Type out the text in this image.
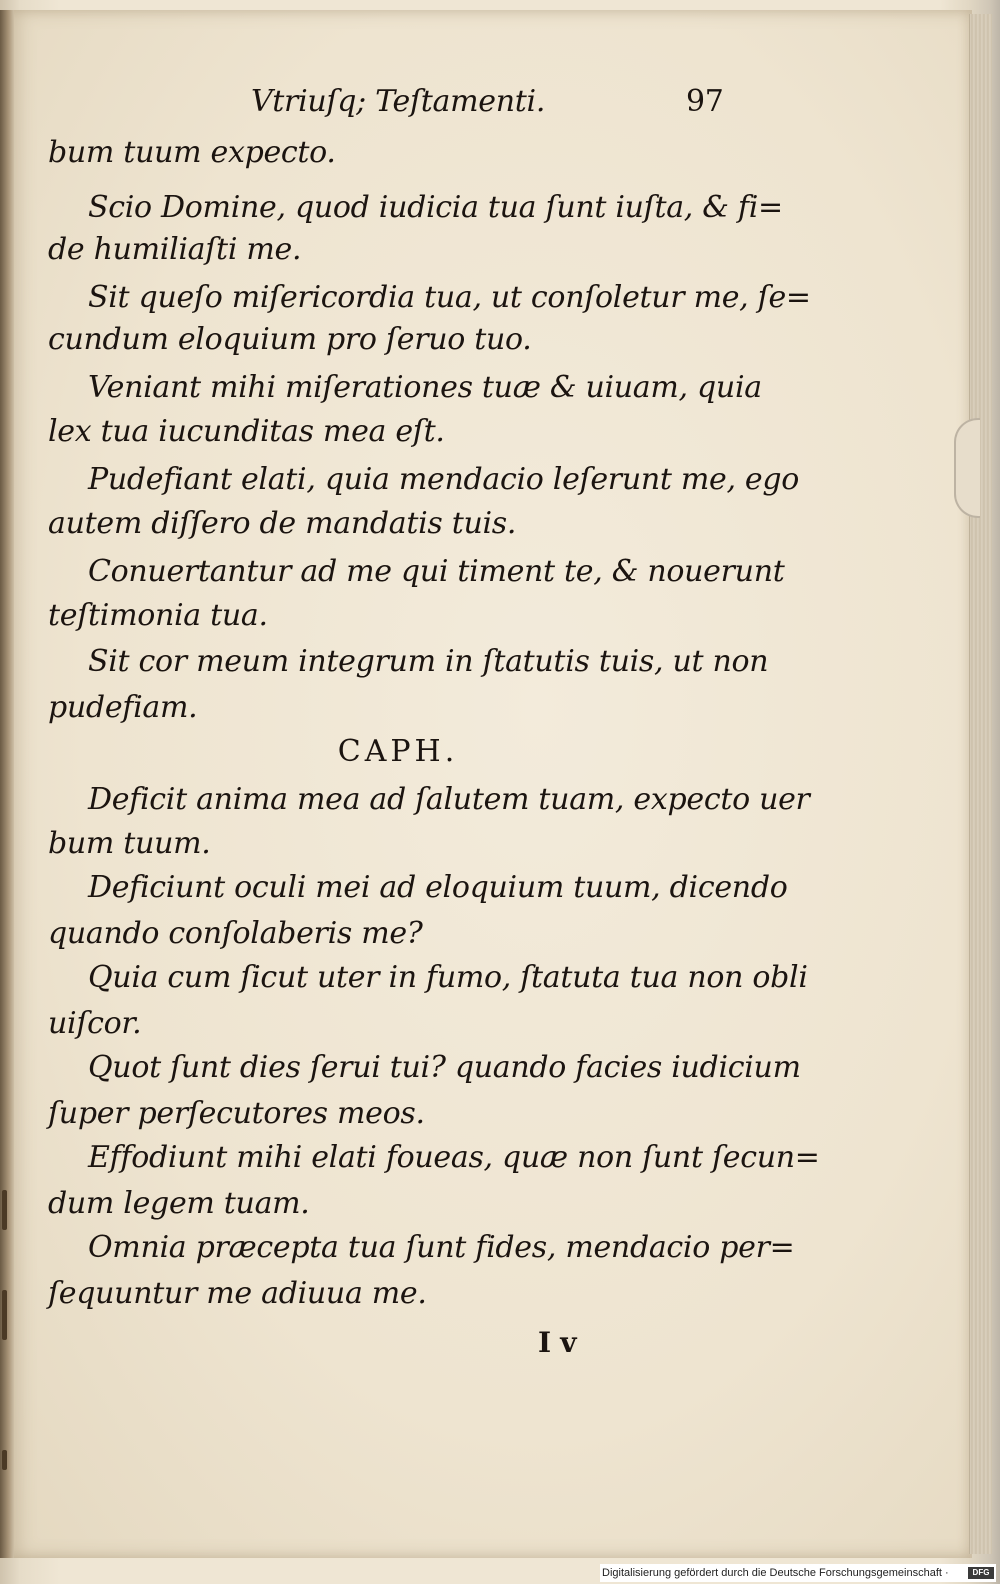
Vtriuſq; Teſtamenti.	97
bum tuum expecto.
Scio Domine, quod iudicia tua ſunt iuſta, & fi=
de humiliaſti me.
Sit queſo miſericordia tua, ut conſoletur me, ſe=
cundum eloquium pro ſeruo tuo.
Veniant mihi miſerationes tuæ & uiuam, quia
lex tua iucunditas mea eſt.
Pudefiant elati, quia mendacio leſerunt me, ego
autem diſſero de mandatis tuis.
Conuertantur ad me qui timent te, & nouerunt
teſtimonia tua.
Sit cor meum integrum in ſtatutis tuis, ut non
pudefiam.
CAPH.
Deficit anima mea ad ſalutem tuam, expecto uer
bum tuum.
Deficiunt oculi mei ad eloquium tuum, dicendo
quando conſolaberis me?
Quia cum ſicut uter in fumo, ſtatuta tua non obli
uiſcor.
Quot ſunt dies ſerui tui? quando facies iudicium
ſuper perſecutores meos.
Effodiunt mihi elati foueas, quæ non ſunt ſecun=
dum legem tuam.
Omnia præcepta tua ſunt fides, mendacio per=
ſequuntur me adiuua me.
I v
Digitalisierung gefördert durch die Deutsche Forschungsgemeinschaft ·	DFG
